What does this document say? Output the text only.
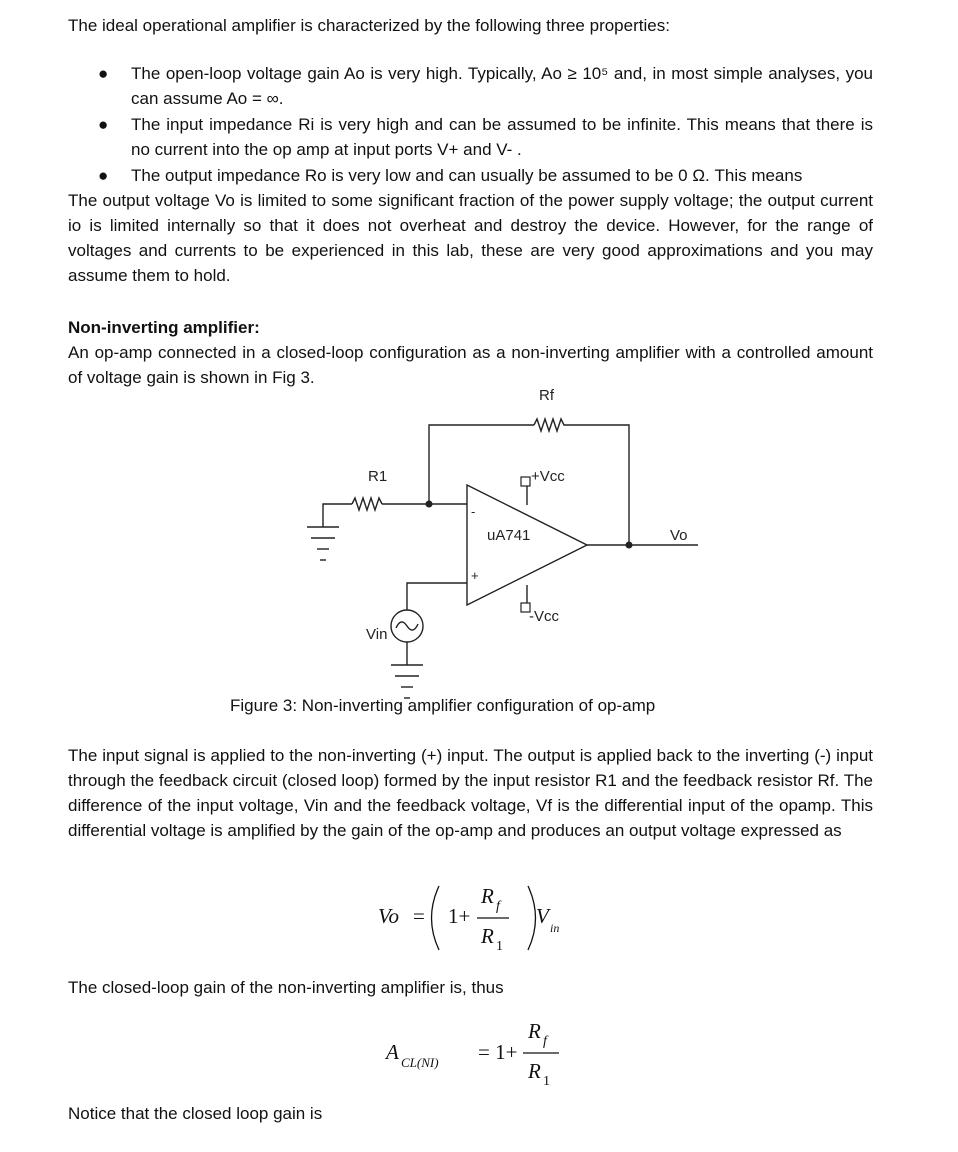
The ideal operational amplifier is characterized by the following three properties:
● The open-loop voltage gain Ao is very high. Typically, Ao ≥ 10⁵ and, in most simple analyses, you can assume Ao = ∞.
● The input impedance Ri is very high and can be assumed to be infinite. This means that there is no current into the op amp at input ports V+ and V- .
● The output impedance Ro is very low and can usually be assumed to be 0 Ω. This means
The output voltage Vo is limited to some significant fraction of the power supply voltage; the output current io is limited internally so that it does not overheat and destroy the device. However, for the range of voltages and currents to be experienced in this lab, these are very good approximations and you may assume them to hold.
Non-inverting amplifier:
An op-amp connected in a closed-loop configuration as a non-inverting amplifier with a controlled amount of voltage gain is shown in Fig 3.
Rf
R1	+Vcc
uA741	Vo
-Vcc
Vin
-
+
Figure 3: Non-inverting amplifier configuration of op-amp
The input signal is applied to the non-inverting (+) input. The output is applied back to the inverting (-) input through the feedback circuit (closed loop) formed by the input resistor R1 and the feedback resistor Rf. The difference of the input voltage, Vin and the feedback voltage, Vf is the differential input of the opamp. This differential voltage is amplified by the gain of the op-amp and produces an output voltage expressed as
Vo = 1+
R f
R 1
V in
The closed-loop gain of the non-inverting amplifier is, thus
A CL(NI) = 1+
R f
R 1
Notice that the closed loop gain is
